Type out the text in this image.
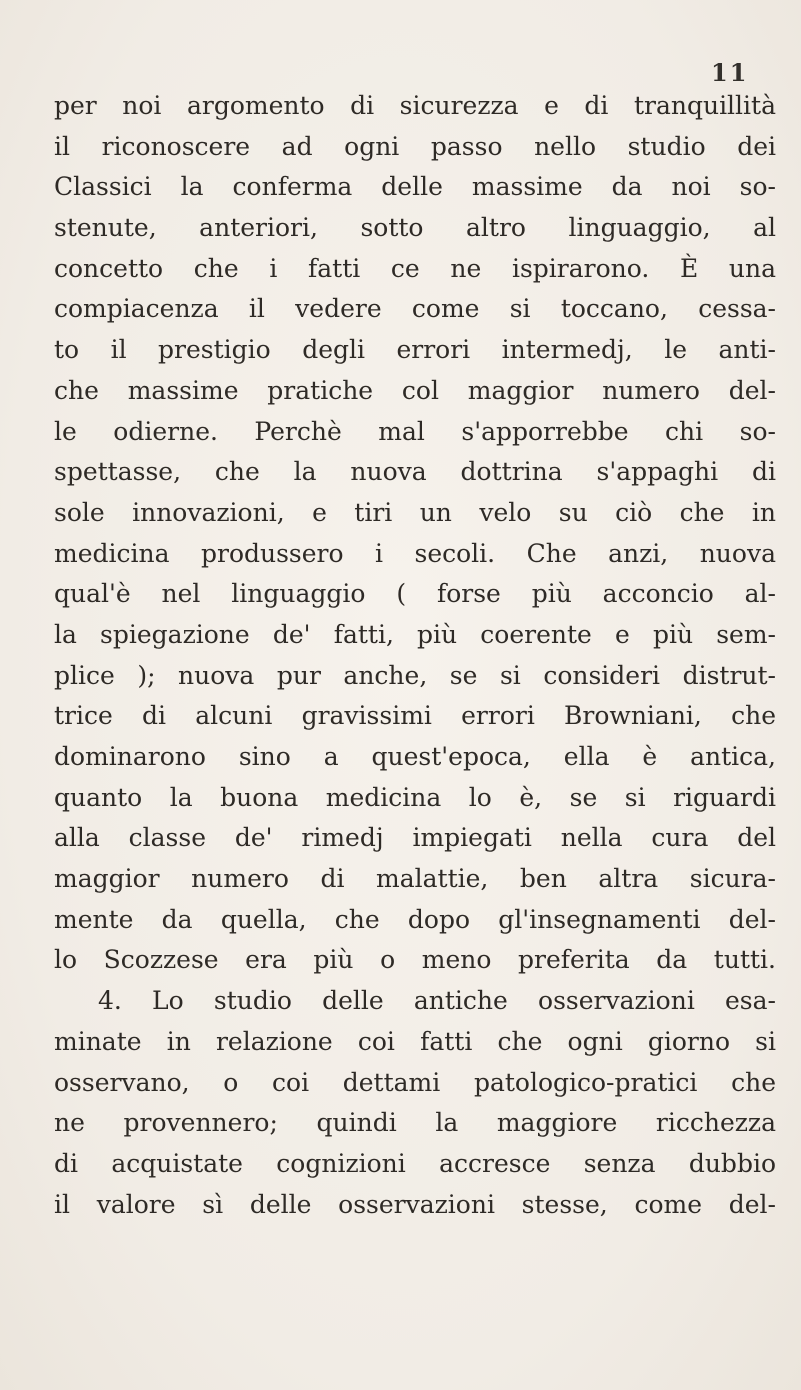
11
per noi argomento di sicurezza e di tranquillità
il riconoscere ad ogni passo nello studio dei
Classici la conferma delle massime da noi so-
stenute, anteriori, sotto altro linguaggio, al
concetto che i fatti ce ne ispirarono. È una
compiacenza il vedere come si toccano, cessa-
to il prestigio degli errori intermedj, le anti-
che massime pratiche col maggior numero del-
le odierne. Perchè mal s'apporrebbe chi so-
spettasse, che la nuova dottrina s'appaghi di
sole innovazioni, e tiri un velo su ciò che in
medicina produssero i secoli. Che anzi, nuova
qual'è nel linguaggio ( forse più acconcio al-
la spiegazione de' fatti, più coerente e più sem-
plice ); nuova pur anche, se si consideri distrut-
trice di alcuni gravissimi errori Browniani, che
dominarono sino a quest'epoca, ella è antica,
quanto la buona medicina lo è, se si riguardi
alla classe de' rimedj impiegati nella cura del
maggior numero di malattie, ben altra sicura-
mente da quella, che dopo gl'insegnamenti del-
lo Scozzese era più o meno preferita da tutti.
4. Lo studio delle antiche osservazioni esa-
minate in relazione coi fatti che ogni giorno si
osservano, o coi dettami patologico-pratici che
ne provennero; quindi la maggiore ricchezza
di acquistate cognizioni accresce senza dubbio
il valore sì delle osservazioni stesse, come del-
